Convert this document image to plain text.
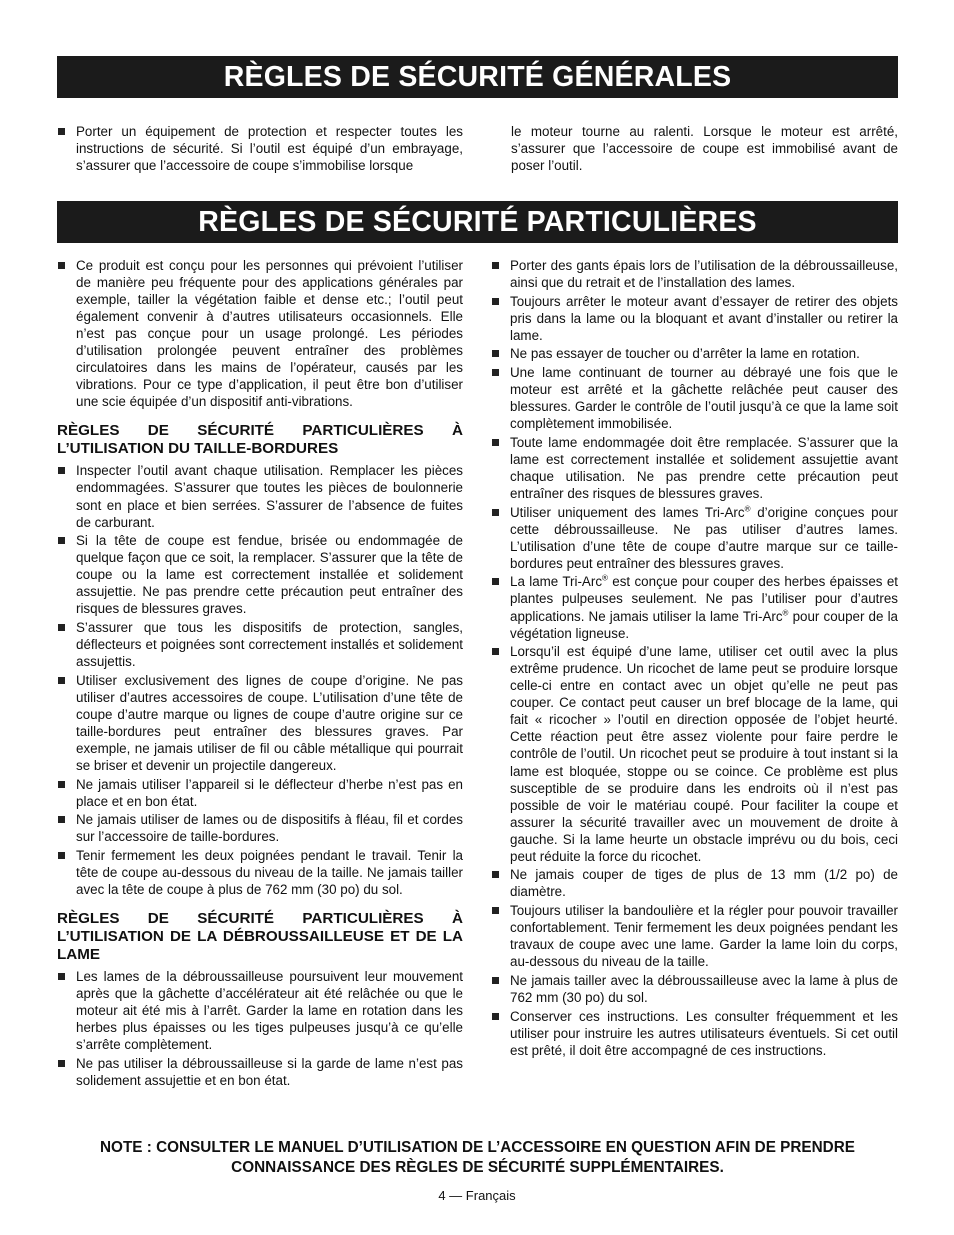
RÈGLES DE SÉCURITÉ GÉNÉRALES
Porter un équipement de protection et respecter toutes les instructions de sécurité. Si l’outil est équipé d’un embrayage, s’assurer que l’accessoire de coupe s’immobilise lorsque
le moteur tourne au ralenti. Lorsque le moteur est arrêté, s’assurer que l’accessoire de coupe est immobilisé avant de poser l’outil.
RÈGLES DE SÉCURITÉ PARTICULIÈRES
Ce produit est conçu pour les personnes qui prévoient l’utiliser de manière peu fréquente pour des applications générales par exemple, tailler la végétation faible et dense etc.; l’outil peut également convenir à d’autres utilisateurs occasionnels. Elle n’est pas conçue pour un usage prolongé. Les périodes d’utilisation prolongée peuvent entraîner des problèmes circulatoires dans les mains de l’opérateur, causés par les vibrations. Pour ce type d’application, il peut être bon d’utiliser une scie équipée d’un dispositif anti-vibrations.
RÈGLES DE SÉCURITÉ PARTICULIÈRES À L’UTILISATION DU TAILLE-BORDURES
Inspecter l’outil avant chaque utilisation. Remplacer les pièces endommagées. S’assurer que toutes les pièces de boulonnerie sont en place et bien serrées. S’assurer de l’absence de fuites de carburant.
Si la tête de coupe est fendue, brisée ou endommagée de quelque façon que ce soit, la remplacer. S’assurer que la tête de coupe ou la lame est correctement installée et solidement assujettie. Ne pas prendre cette précaution peut entraîner des risques de blessures graves.
S’assurer que tous les dispositifs de protection, sangles, déflecteurs et poignées sont correctement installés et solidement assujettis.
Utiliser exclusivement des lignes de coupe d’origine. Ne pas utiliser d’autres accessoires de coupe. L’utilisation d’une tête de coupe d’autre marque ou lignes de coupe d’autre origine sur ce taille-bordures peut entraîner des blessures graves. Par exemple, ne jamais utiliser de fil ou câble métallique qui pourrait se briser et devenir un projectile dangereux.
Ne jamais utiliser l’appareil si le déflecteur d’herbe n’est pas en place et en bon état.
Ne jamais utiliser de lames ou de dispositifs à fléau, fil et cordes sur l’accessoire de taille-bordures.
Tenir fermement les deux poignées pendant le travail. Tenir la tête de coupe au-dessous du niveau de la taille. Ne jamais tailler avec la tête de coupe à plus de 762 mm (30 po) du sol.
RÈGLES DE SÉCURITÉ PARTICULIÈRES À L’UTILISATION DE LA DÉBROUSSAILLEUSE ET DE LA LAME
Les lames de la débroussailleuse poursuivent leur mouvement après que la gâchette d’accélérateur ait été relâchée ou que le moteur ait été mis à l’arrêt. Garder la lame en rotation dans les herbes plus épaisses ou les tiges pulpeuses jusqu’à ce qu’elle s’arrête complètement.
Ne pas utiliser la débroussailleuse si la garde de lame n’est pas solidement assujettie et en bon état.
Porter des gants épais lors de l’utilisation de la débroussailleuse, ainsi que du retrait et de l’installation des lames.
Toujours arrêter le moteur avant d’essayer de retirer des objets pris dans la lame ou la bloquant et avant d’installer ou retirer la lame.
Ne pas essayer de toucher ou d’arrêter la lame en rotation.
Une lame continuant de tourner au débrayé une fois que le moteur est arrêté et la gâchette relâchée peut causer des blessures. Garder le contrôle de l’outil jusqu’à ce que la lame soit complètement immobilisée.
Toute lame endommagée doit être remplacée. S’assurer que la lame est correctement installée et solidement assujettie avant chaque utilisation. Ne pas prendre cette précaution peut entraîner des risques de blessures graves.
Utiliser uniquement des lames Tri-Arc® d’origine conçues pour cette débroussailleuse. Ne pas utiliser d’autres lames. L’utilisation d’une tête de coupe d’autre marque sur ce taille-bordures peut entraîner des blessures graves.
La lame Tri-Arc® est conçue pour couper des herbes épaisses et plantes pulpeuses seulement. Ne pas l’utiliser pour d’autres applications. Ne jamais utiliser la lame Tri-Arc® pour couper de la végétation ligneuse.
Lorsqu’il est équipé d’une lame, utiliser cet outil avec la plus extrême prudence. Un ricochet de lame peut se produire lorsque celle-ci entre en contact avec un objet qu’elle ne peut pas couper. Ce contact peut causer un bref blocage de la lame, qui fait « ricocher » l’outil en direction opposée de l’objet heurté. Cette réaction peut être assez violente pour faire perdre le contrôle de l’outil. Un ricochet peut se produire à tout instant si la lame est bloquée, stoppe ou se coince. Ce problème est plus susceptible de se produire dans les endroits où il n’est pas possible de voir le matériau coupé. Pour faciliter la coupe et assurer la sécurité travailler avec un mouvement de droite à gauche. Si la lame heurte un obstacle imprévu ou du bois, ceci peut réduite la force du ricochet.
Ne jamais couper de tiges de plus de 13 mm (1/2 po) de diamètre.
Toujours utiliser la bandoulière et la régler pour pouvoir travailler confortablement. Tenir fermement les deux poignées pendant les travaux de coupe avec une lame. Garder la lame loin du corps, au-dessous du niveau de la taille.
Ne jamais tailler avec la débroussailleuse avec la lame à plus de 762 mm (30 po) du sol.
Conserver ces instructions. Les consulter fréquemment et les utiliser pour instruire les autres utilisateurs éventuels. Si cet outil est prêté, il doit être accompagné de ces instructions.
NOTE : CONSULTER LE MANUEL D’UTILISATION DE L’ACCESSOIRE EN QUESTION AFIN DE PRENDRE CONNAISSANCE DES RÈGLES DE SÉCURITÉ SUPPLÉMENTAIRES.
4 — Français
